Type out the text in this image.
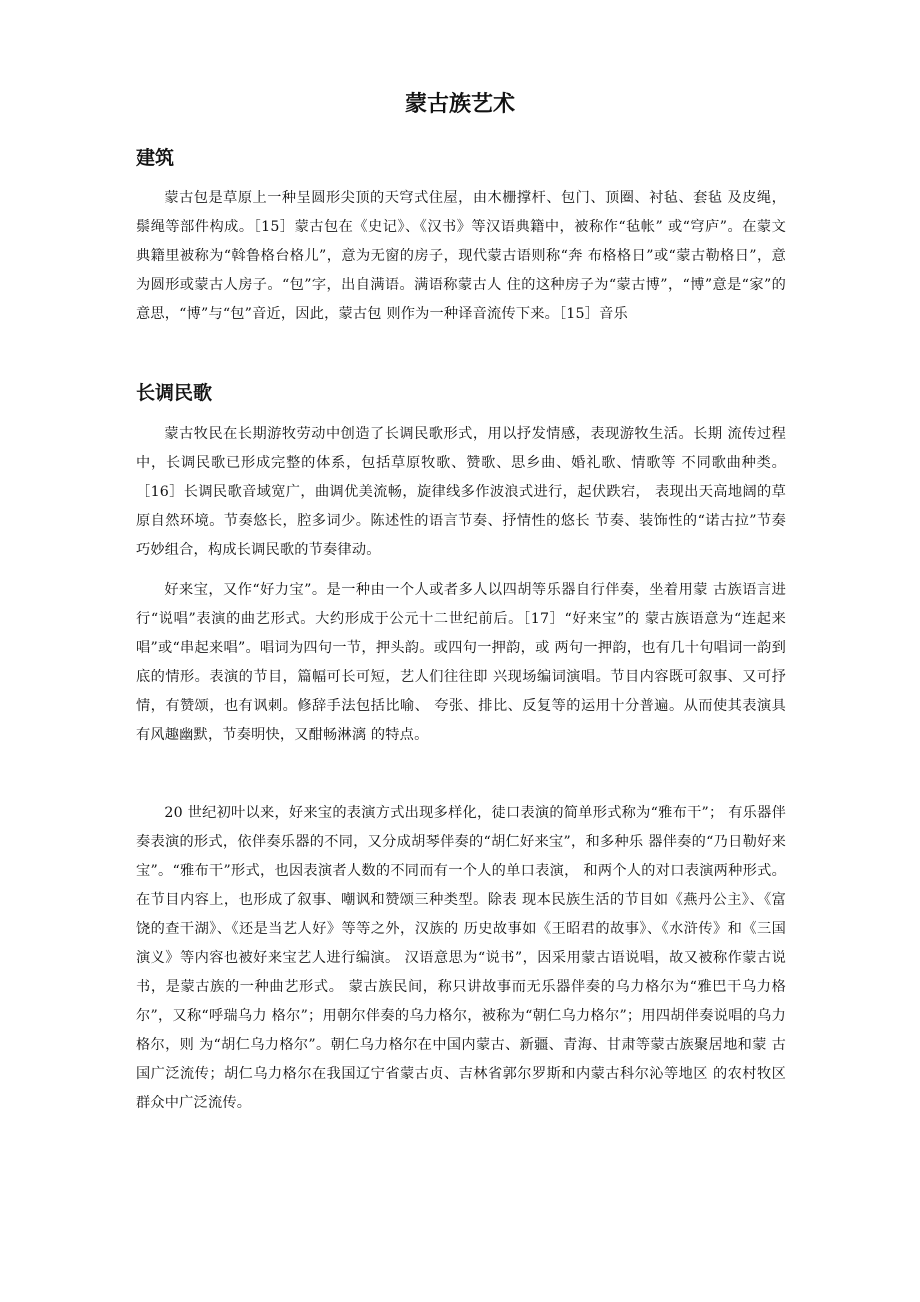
蒙古族艺术
建筑

蒙古包是草原上一种呈圆形尖顶的天穹式住屋，由木栅撑杆、包门、顶圈、衬毡、套毡 及皮绳，鬃绳等部件构成。［15］蒙古包在《史记》、《汉书》等汉语典籍中，被称作“毡帐” 或“穹庐”。在蒙文典籍里被称为“斡鲁格台格儿”，意为无窗的房子，现代蒙古语则称“奔 布格格日”或“蒙古勒格日”，意为圆形或蒙古人房子。“包”字，出自满语。满语称蒙古人 住的这种房子为“蒙古博”，“博”意是“家”的意思，“博”与“包”音近，因此，蒙古包 则作为一种译音流传下来。［15］音乐

长调民歌

蒙古牧民在长期游牧劳动中创造了长调民歌形式，用以抒发情感，表现游牧生活。长期 流传过程中，长调民歌已形成完整的体系，包括草原牧歌、赞歌、思乡曲、婚礼歌、情歌等 不同歌曲种类。［16］长调民歌音域宽广，曲调优美流畅，旋律线多作波浪式进行，起伏跌宕， 表现出天高地阔的草原自然环境。节奏悠长，腔多词少。陈述性的语言节奏、抒情性的悠长 节奏、装饰性的“诺古拉”节奏巧妙组合，构成长调民歌的节奏律动。

好来宝，又作“好力宝”。是一种由一个人或者多人以四胡等乐器自行伴奏，坐着用蒙 古族语言进行“说唱”表演的曲艺形式。大约形成于公元十二世纪前后。［17］“好来宝”的 蒙古族语意为“连起来唱”或“串起来唱”。唱词为四句一节，押头韵。或四句一押韵，或 两句一押韵，也有几十句唱词一韵到底的情形。表演的节目，篇幅可长可短，艺人们往往即 兴现场编词演唱。节目内容既可叙事、又可抒情，有赞颂，也有讽刺。修辞手法包括比喻、 夸张、排比、反复等的运用十分普遍。从而使其表演具有风趣幽默，节奏明快，又酣畅淋漓 的特点。

20 世纪初叶以来，好来宝的表演方式出现多样化，徒口表演的简单形式称为“雅布干”； 有乐器伴奏表演的形式，依伴奏乐器的不同，又分成胡琴伴奏的“胡仁好来宝”，和多种乐 器伴奏的“乃日勒好来宝”。“雅布干”形式，也因表演者人数的不同而有一个人的单口表演， 和两个人的对口表演两种形式。在节目内容上，也形成了叙事、嘲讽和赞颂三种类型。除表 现本民族生活的节目如《燕丹公主》、《富饶的查干湖》、《还是当艺人好》等等之外，汉族的 历史故事如《王昭君的故事》、《水浒传》和《三国演义》等内容也被好来宝艺人进行编演。 汉语意思为“说书”，因采用蒙古语说唱，故又被称作蒙古说书，是蒙古族的一种曲艺形式。 蒙古族民间，称只讲故事而无乐器伴奏的乌力格尔为“雅巴干乌力格尔”，又称“呼瑞乌力 格尔”；用朝尔伴奏的乌力格尔，被称为“朝仁乌力格尔”；用四胡伴奏说唱的乌力格尔，则 为“胡仁乌力格尔”。朝仁乌力格尔在中国内蒙古、新疆、青海、甘肃等蒙古族聚居地和蒙 古国广泛流传；胡仁乌力格尔在我国辽宁省蒙古贞、吉林省郭尔罗斯和内蒙古科尔沁等地区 的农村牧区群众中广泛流传。
